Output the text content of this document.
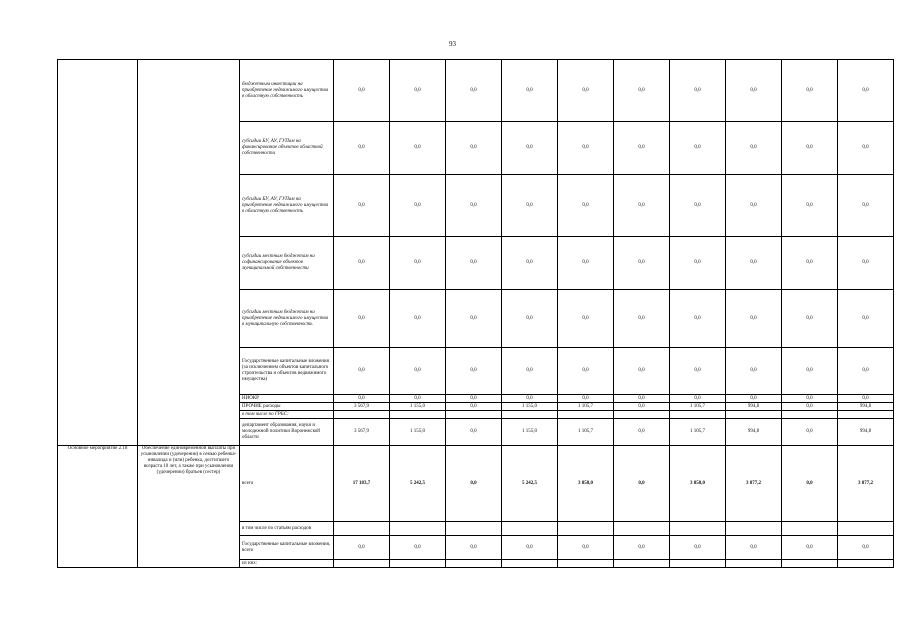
93
		бюджетным инвестиции на приобретение недвижимого имущества в областную собственность	0,0	0,0	0,0	0,0	0,0	0,0	0,0	0,0	0,0	0,0
		субсидии БУ, АУ, ГУПам на финансирование объектов областной собственности	0,0	0,0	0,0	0,0	0,0	0,0	0,0	0,0	0,0	0,0
		субсидии БУ, АУ, ГУПам на приобретение недвижимого имущества в областную собственность	0,0	0,0	0,0	0,0	0,0	0,0	0,0	0,0	0,0	0,0
		субсидии местным бюджетам на софинансирование объектов муниципальной собственности	0,0	0,0	0,0	0,0	0,0	0,0	0,0	0,0	0,0	0,0
		субсидии местным бюджетам на приобретение недвижимого имущества в муниципальную собственность	0,0	0,0	0,0	0,0	0,0	0,0	0,0	0,0	0,0	0,0
		Государственные капитальные вложения (за исключением объектов капитального строительства и объектов недвижимого имущества)	0,0	0,0	0,0	0,0	0,0	0,0	0,0	0,0	0,0	0,0
		НИОКР	0,0	0,0	0,0	0,0	0,0	0,0	0,0	0,0	0,0	0,0
		ПРОЧИЕ расходы	3 567,9	1 155,0	0,0	1 155,0	1 105,7	0,0	1 105,7	994,8	0,0	994,8
		в том числе по ГРБС:										
		департамент образования, науки и молодежной политики Воронежской области	3 567,9	1 155,0	0,0	1 155,0	1 105,7	0,0	1 105,7	994,8	0,0	994,8
Основное мероприятие 2.18	Обеспечение единовременной выплаты при усыновлении (удочерении) в семью ребенка-инвалида и (или) ребенка, достигшего возраста 10 лет, а также при усыновлении (удочерении) братьев (сестер)	всего	17 183,7	5 242,5	0,0	5 242,5	3 858,0	0,0	3 858,0	3 877,2	0,0	3 877,2
		в том числе по статьям расходов										
		Государственные капитальные вложения, всего	0,0	0,0	0,0	0,0	0,0	0,0	0,0	0,0	0,0	0,0
		из них:										
